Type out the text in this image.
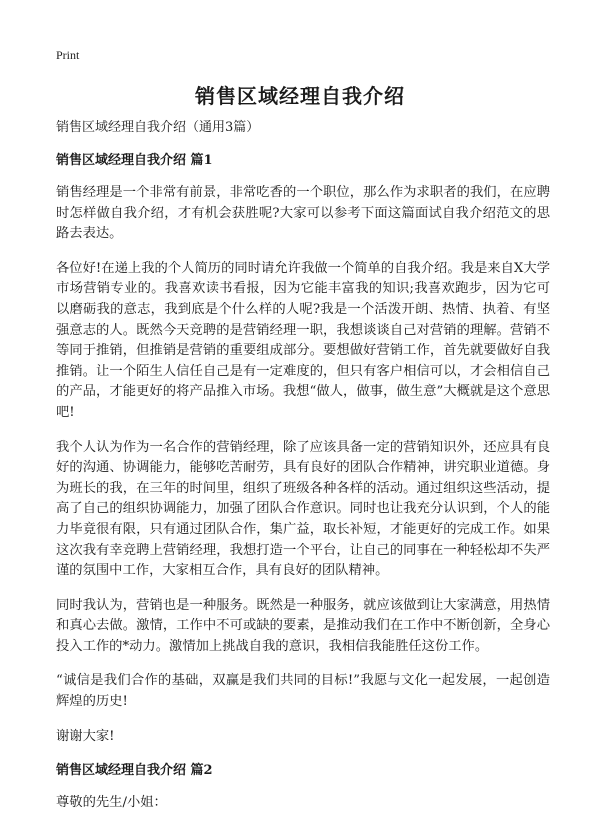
Print
销售区域经理自我介绍
销售区域经理自我介绍（通用3篇）
销售区域经理自我介绍 篇1

销售经理是一个非常有前景，非常吃香的一个职位，那么作为求职者的我们，在应聘时怎样做自我介绍，才有机会获胜呢?大家可以参考下面这篇面试自我介绍范文的思路去表达。

各位好!在递上我的个人简历的同时请允许我做一个简单的自我介绍。我是来自X大学市场营销专业的。我喜欢读书看报，因为它能丰富我的知识;我喜欢跑步，因为它可以磨砺我的意志，我到底是个什么样的人呢?我是一个活泼开朗、热情、执着、有坚强意志的人。既然今天竞聘的是营销经理一职，我想谈谈自己对营销的理解。营销不等同于推销，但推销是营销的重要组成部分。要想做好营销工作，首先就要做好自我推销。让一个陌生人信任自己是有一定难度的，但只有客户相信可以，才会相信自己的产品，才能更好的将产品推入市场。我想“做人，做事，做生意”大概就是这个意思吧!

我个人认为作为一名合作的营销经理，除了应该具备一定的营销知识外，还应具有良好的沟通、协调能力，能够吃苦耐劳，具有良好的团队合作精神，讲究职业道德。身为班长的我，在三年的时间里，组织了班级各种各样的活动。通过组织这些活动，提高了自己的组织协调能力，加强了团队合作意识。同时也让我充分认识到，个人的能力毕竟很有限，只有通过团队合作，集广益，取长补短，才能更好的完成工作。如果这次我有幸竞聘上营销经理，我想打造一个平台，让自己的同事在一种轻松却不失严谨的氛围中工作，大家相互合作，具有良好的团队精神。

同时我认为，营销也是一种服务。既然是一种服务，就应该做到让大家满意，用热情和真心去做。激情，工作中不可或缺的要素，是推动我们在工作中不断创新，全身心投入工作的*动力。激情加上挑战自我的意识，我相信我能胜任这份工作。

“诚信是我们合作的基础，双赢是我们共同的目标!”我愿与文化一起发展，一起创造辉煌的历史!

谢谢大家!

销售区域经理自我介绍 篇2

尊敬的先生/小姐：
